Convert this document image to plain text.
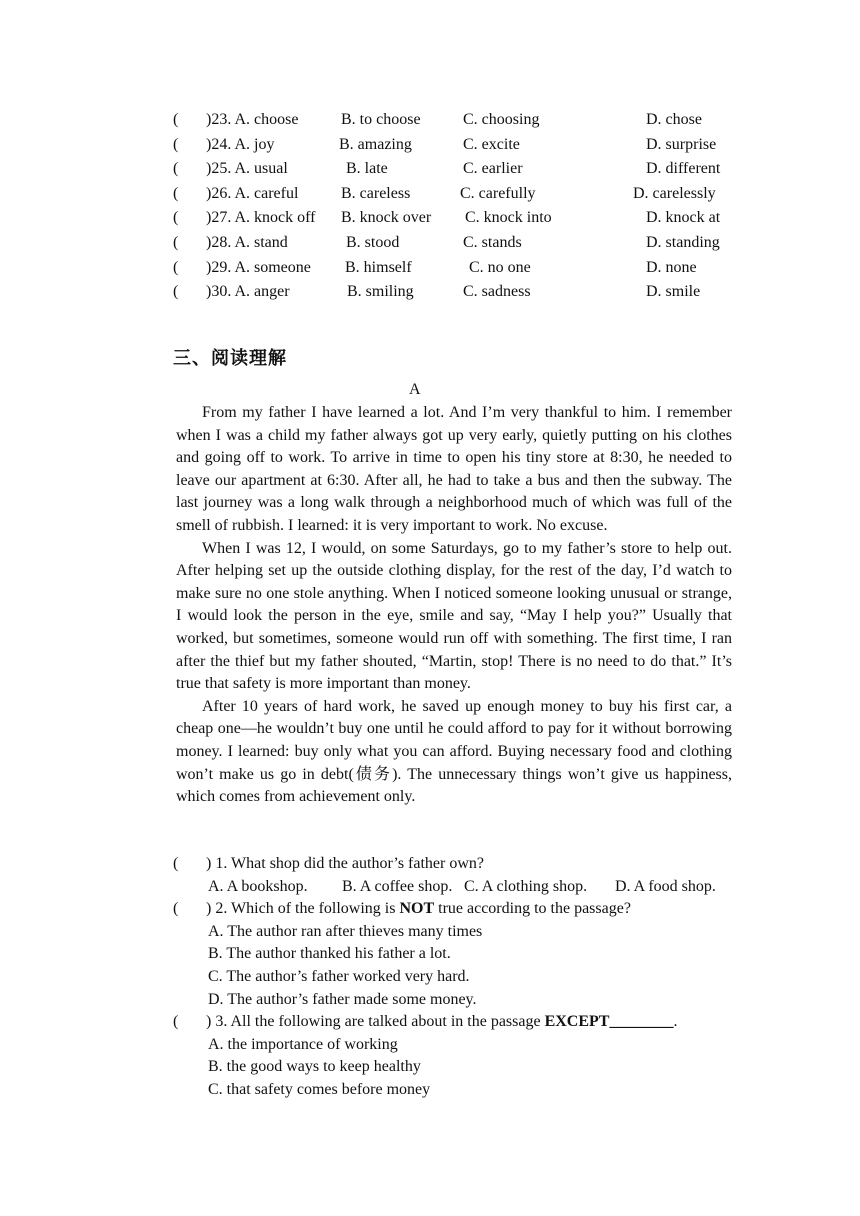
( )23. A. choose	B. to choose	C. choosing	D. chose
( )24. A. joy	B. amazing	C. excite	D. surprise
( )25. A. usual	B. late	C. earlier	D. different
( )26. A. careful	B. careless	C. carefully	D. carelessly
( )27. A. knock off B. knock over C. knock into	D. knock at
( )28. A. stand	B. stood	C. stands	D. standing
( )29. A. someone B. himself	C. no one	D. none
( )30. A. anger	B. smiling	C. sadness	D. smile
三、阅读理解
A

From my father I have learned a lot. And I’m very thankful to him. I remember when I was a child my father always got up very early, quietly putting on his clothes and going off to work. To arrive in time to open his tiny store at 8:30, he needed to leave our apartment at 6:30. After all, he had to take a bus and then the subway. The last journey was a long walk through a neighborhood much of which was full of the smell of rubbish. I learned: it is very important to work. No excuse.

When I was 12, I would, on some Saturdays, go to my father’s store to help out. After helping set up the outside clothing display, for the rest of the day, I’d watch to make sure no one stole anything. When I noticed someone looking unusual or strange, I would look the person in the eye, smile and say, “May I help you?” Usually that worked, but sometimes, someone would run off with something. The first time, I ran after the thief but my father shouted, “Martin, stop! There is no need to do that.” It’s true that safety is more important than money.

After 10 years of hard work, he saved up enough money to buy his first car, a cheap one—he wouldn’t buy one until he could afford to pay for it without borrowing money. I learned: buy only what you can afford. Buying necessary food and clothing won’t make us go in debt(债务). The unnecessary things won’t give us happiness, which comes from achievement only.

( ) 1. What shop did the author’s father own?
A. A bookshop. B. A coffee shop. C. A clothing shop. D. A food shop.
( ) 2. Which of the following is NOT true according to the passage?
A. The author ran after thieves many times
B. The author thanked his father a lot.
C. The author’s father worked very hard.
D. The author’s father made some money.
( ) 3. All the following are talked about in the passage EXCEPT________.
A. the importance of working
B. the good ways to keep healthy
C. that safety comes before money
